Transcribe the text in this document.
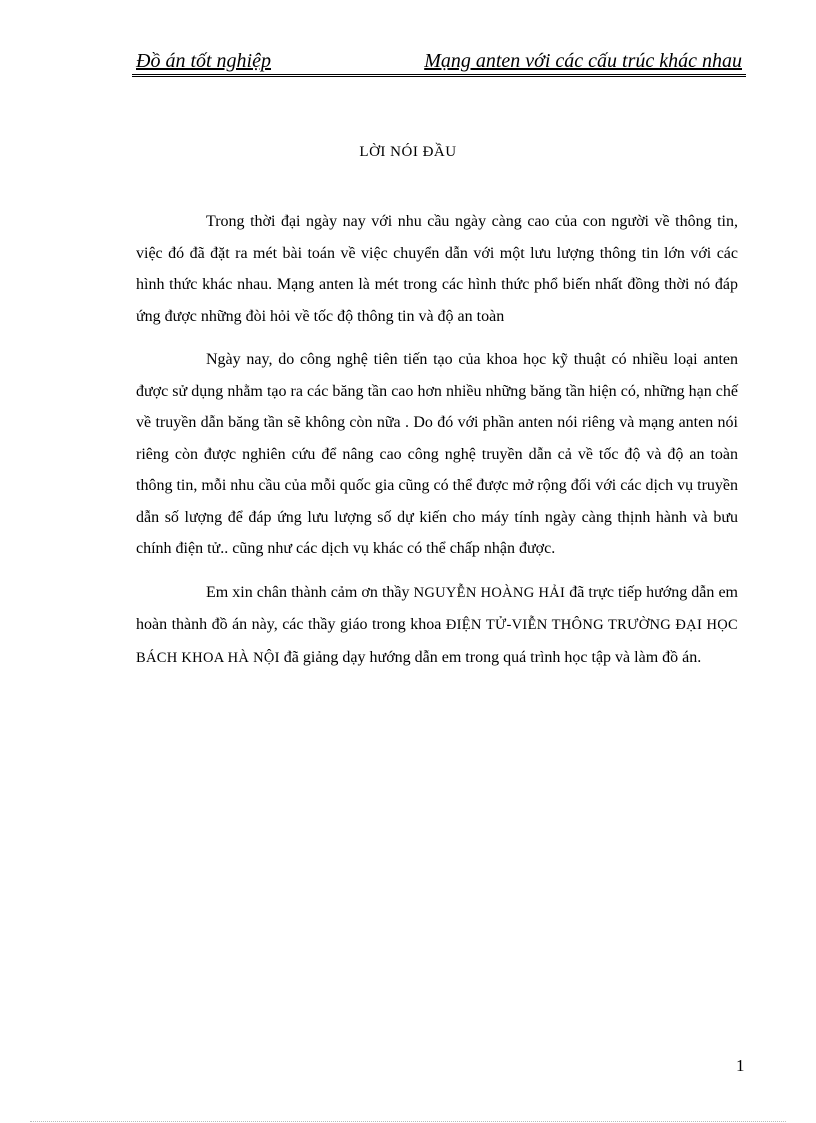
Đồ án tốt nghiệp	Mạng anten với các cấu trúc khác nhau
LỜI NÓI ĐẦU

Trong thời đại ngày nay với nhu cầu ngày càng cao của con người về thông tin, việc đó đã đặt ra mét bài toán về việc chuyển dẫn với một lưu lượng thông tin lớn với các hình thức khác nhau. Mạng anten là mét trong các hình thức phổ biến nhất đồng thời nó đáp ứng được những đòi hỏi về tốc độ thông tin và độ an toàn

Ngày nay, do công nghệ tiên tiến tạo của khoa học kỹ thuật có nhiều loại anten được sử dụng nhằm tạo ra các băng tần cao hơn nhiều những băng tần hiện có, những hạn chế về truyền dẫn băng tần sẽ không còn nữa . Do đó với phần anten nói riêng và mạng anten nói riêng còn được nghiên cứu để nâng cao công nghệ truyền dẫn cả về tốc độ và độ an toàn thông tin, mỗi nhu cầu của mỗi quốc gia cũng có thể được mở rộng đối với các dịch vụ truyền dẫn số lượng để đáp ứng lưu lượng số dự kiến cho máy tính ngày càng thịnh hành và bưu chính điện tử.. cũng như các dịch vụ khác có thể chấp nhận được.

Em xin chân thành cảm ơn thầy NGUYỄN HOÀNG HẢI đã trực tiếp hướng dẫn em hoàn thành đồ án này, các thầy giáo trong khoa ĐIỆN TỬ-VIỄN THÔNG TRƯỜNG ĐẠI HỌC BÁCH KHOA HÀ NỘI đã giảng dạy hướng dẫn em trong quá trình học tập và làm đồ án.

1
